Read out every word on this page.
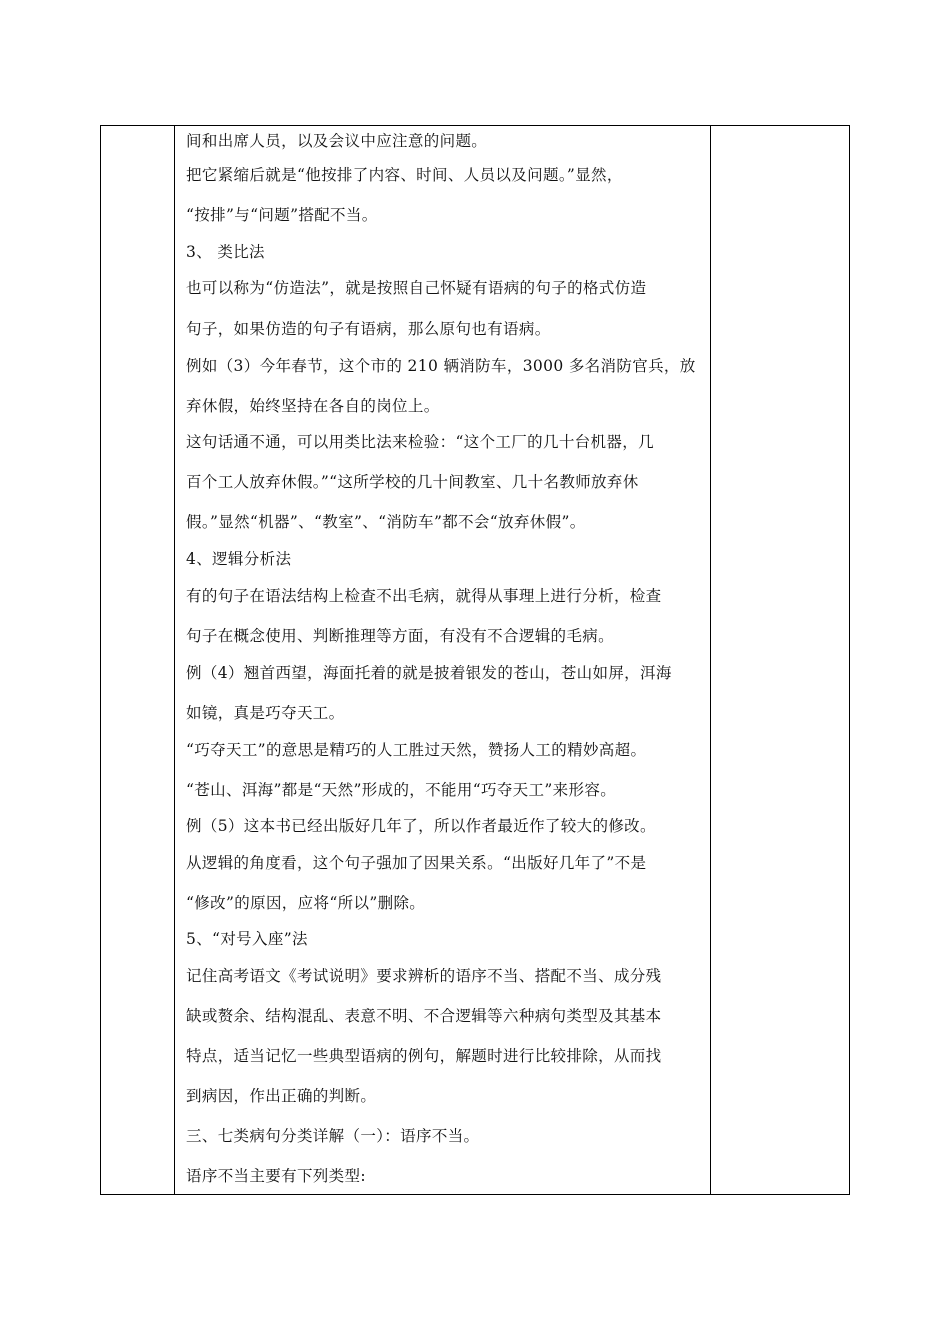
间和出席人员，以及会议中应注意的问题。
把它紧缩后就是“他按排了内容、时间、人员以及问题。”显然，
“按排”与“问题”搭配不当。
3、 类比法
也可以称为“仿造法”，就是按照自己怀疑有语病的句子的格式仿造
句子，如果仿造的句子有语病，那么原句也有语病。
例如（3）今年春节，这个市的 210 辆消防车，3000 多名消防官兵，放
弃休假，始终坚持在各自的岗位上。
这句话通不通，可以用类比法来检验：“这个工厂的几十台机器，几
百个工人放弃休假。”“这所学校的几十间教室、几十名教师放弃休
假。”显然“机器”、“教室”、“消防车”都不会“放弃休假”。
4、逻辑分析法
有的句子在语法结构上检查不出毛病，就得从事理上进行分析，检查
句子在概念使用、判断推理等方面，有没有不合逻辑的毛病。
例（4）翘首西望，海面托着的就是披着银发的苍山，苍山如屏，洱海
如镜，真是巧夺天工。
“巧夺天工”的意思是精巧的人工胜过天然，赞扬人工的精妙高超。
“苍山、洱海”都是“天然”形成的，不能用“巧夺天工”来形容。
例（5）这本书已经出版好几年了，所以作者最近作了较大的修改。
从逻辑的角度看，这个句子强加了因果关系。“出版好几年了”不是
“修改”的原因，应将“所以”删除。
5、“对号入座”法
记住高考语文《考试说明》要求辨析的语序不当、搭配不当、成分残
缺或赘余、结构混乱、表意不明、不合逻辑等六种病句类型及其基本
特点，适当记忆一些典型语病的例句，解题时进行比较排除，从而找
到病因，作出正确的判断。
三、七类病句分类详解（一）：语序不当。
语序不当主要有下列类型:
